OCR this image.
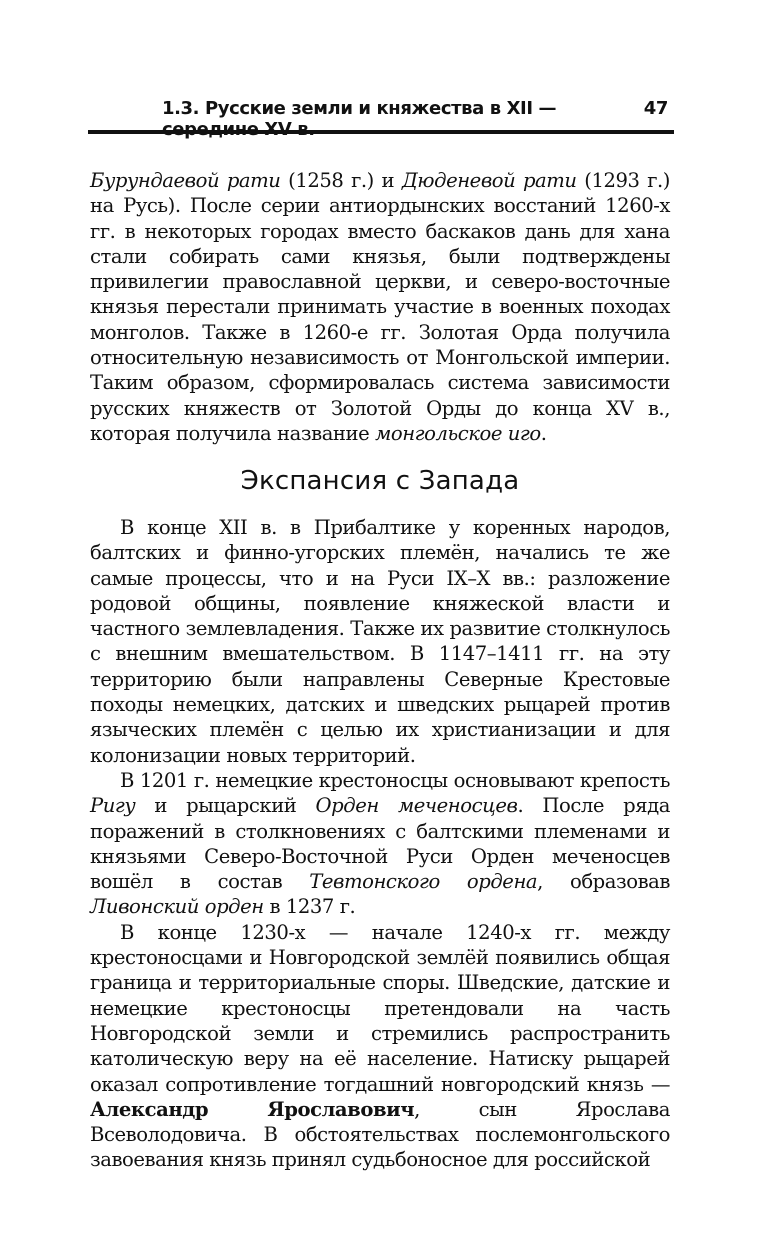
1.3. Русские земли и княжества в XII — середине XV в.
47

Бурундаевой рати (1258 г.) и Дюденевой рати (1293 г.) на Русь). После серии антиордынских восстаний 1260-х гг. в некоторых городах вместо баскаков дань для хана стали собирать сами князья, были подтверждены привилегии православной церкви, и северо-восточные князья перестали принимать участие в военных походах монголов. Также в 1260-е гг. Золотая Орда получила относительную независимость от Монгольской империи. Таким образом, сформировалась система зависимости русских княжеств от Золотой Орды до конца XV в., которая получила название монгольское иго.

Экспансия с Запада

В конце XII в. в Прибалтике у коренных народов, балтских и финно-угорских племён, начались те же самые процессы, что и на Руси IX–X вв.: разложение родовой общины, появление княжеской власти и частного землевладения. Также их развитие столкнулось с внешним вмешательством. В 1147–1411 гг. на эту территорию были направлены Северные Крестовые походы немецких, датских и шведских рыцарей против языческих племён с целью их христианизации и для колонизации новых территорий.

В 1201 г. немецкие крестоносцы основывают крепость Ригу и рыцарский Орден меченосцев. После ряда поражений в столкновениях с балтскими племенами и князьями Северо-Восточной Руси Орден меченосцев вошёл в состав Тевтонского ордена, образовав Ливонский орден в 1237 г.

В конце 1230-х — начале 1240-х гг. между крестоносцами и Новгородской землёй появились общая граница и территориальные споры. Шведские, датские и немецкие крестоносцы претендовали на часть Новгородской земли и стремились распространить католическую веру на её население. Натиску рыцарей оказал сопротивление тогдашний новгородский князь — Александр Ярославович, сын Ярослава Всеволодовича. В обстоятельствах послемонгольского завоевания князь принял судьбоносное для российской
